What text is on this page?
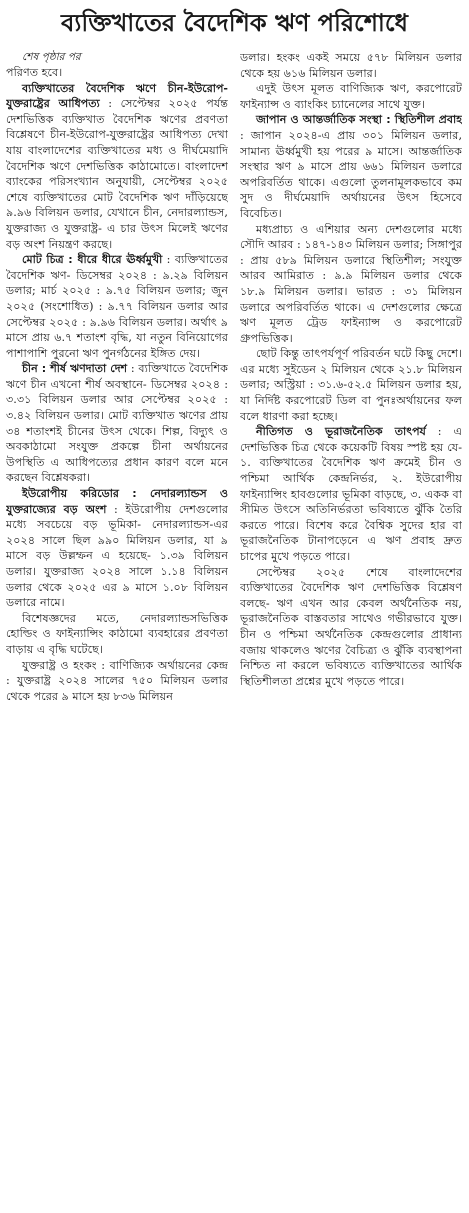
ব্যক্তিখাতের বৈদেশিক ঋণ পরিশোধে

শেষ পৃষ্ঠার পর

পরিণত হবে।

ব্যক্তিখাতের বৈদেশিক ঋণে চীন-ইউরোপ-যুক্তরাষ্ট্রের আধিপত্য : সেপ্টেম্বর ২০২৫ পর্যন্ত দেশভিত্তিক ব্যক্তিখাত বৈদেশিক ঋণের প্রবণতা বিশ্লেষণে চীন-ইউরোপ-যুক্তরাষ্ট্রের আধিপত্য দেখা যায় বাংলাদেশের ব্যক্তিখাতের মধ্য ও দীর্ঘমেয়াদি বৈদেশিক ঋণে দেশভিত্তিক কাঠামোতে। বাংলাদেশ ব্যাংকের পরিসংখ্যান অনুযায়ী, সেপ্টেম্বর ২০২৫ শেষে ব্যক্তিখাতের মোট বৈদেশিক ঋণ দাঁড়িয়েছে ৯.৯৬ বিলিয়ন ডলার, যেখানে চীন, নেদারল্যান্ডস, যুক্তরাজ্য ও যুক্তরাষ্ট্র- এ চার উৎস মিলেই ঋণের বড় অংশ নিয়ন্ত্রণ করছে।

মোট চিত্র : ধীরে ধীরে ঊর্ধ্বমুখী : ব্যক্তিখাতের বৈদেশিক ঋণ- ডিসেম্বর ২০২৪ : ৯.২৯ বিলিয়ন ডলার; মার্চ ২০২৫ : ৯.৭৫ বিলিয়ন ডলার; জুন ২০২৫ (সংশোধিত) : ৯.৭৭ বিলিয়ন ডলার আর সেপ্টেম্বর ২০২৫ : ৯.৯৬ বিলিয়ন ডলার। অর্থাৎ ৯ মাসে প্রায় ৬.৭ শতাংশ বৃদ্ধি, যা নতুন বিনিয়োগের পাশাপাশি পুরনো ঋণ পুনর্গঠনের ইঙ্গিত দেয়।

চীন : শীর্ষ ঋণদাতা দেশ : ব্যক্তিখাতে বৈদেশিক ঋণে চীন এখনো শীর্ষ অবস্থানে- ডিসেম্বর ২০২৪ : ৩.৩১ বিলিয়ন ডলার আর সেপ্টেম্বর ২০২৫ : ৩.৪২ বিলিয়ন ডলার। মোট ব্যক্তিখাত ঋণের প্রায় ৩৪ শতাংশই চীনের উৎস থেকে। শিল্প, বিদ্যুৎ ও অবকাঠামো সংযুক্ত প্রকল্পে চীনা অর্থায়নের উপস্থিতি এ আধিপত্যের প্রধান কারণ বলে মনে করছেন বিশ্লেষকরা।

ইউরোপীয় করিডোর : নেদারল্যান্ডস ও যুক্তরাজ্যের বড় অংশ : ইউরোপীয় দেশগুলোর মধ্যে সবচেয়ে বড় ভূমিকা- নেদারল্যান্ডস-এর ২০২৪ সালে ছিল ৯৯০ মিলিয়ন ডলার, যা ৯ মাসে বড় উল্লম্ফন এ হয়েছে- ১.৩৯ বিলিয়ন ডলার। যুক্তরাজ্য ২০২৪ সালে ১.১৪ বিলিয়ন ডলার থেকে ২০২৫ এর ৯ মাসে ১.০৮ বিলিয়ন ডলারে নামে।

বিশেষজ্ঞদের মতে, নেদারল্যান্ডসভিত্তিক হোল্ডিং ও ফাইন্যান্সিং কাঠামো ব্যবহারের প্রবণতা বাড়ায় এ বৃদ্ধি ঘটেছে।

যুক্তরাষ্ট্র ও হংকং : বাণিজ্যিক অর্থায়নের কেন্দ্র : যুক্তরাষ্ট্র ২০২৪ সালের ৭৫০ মিলিয়ন ডলার থেকে পরের ৯ মাসে হয় ৮৩৬ মিলিয়ন

ডলার। হংকং একই সময়ে ৫৭৮ মিলিয়ন ডলার থেকে হয় ৬১৬ মিলিয়ন ডলার।

এদুই উৎস মূলত বাণিজ্যিক ঋণ, করপোরেট ফাইন্যান্স ও ব্যাংকিং চ্যানেলের সাথে যুক্ত।

জাপান ও আন্তর্জাতিক সংস্থা : স্থিতিশীল প্রবাহ : জাপান ২০২৪-এ প্রায় ৩০১ মিলিয়ন ডলার, সামান্য ঊর্ধ্বমুখী হয় পরের ৯ মাসে। আন্তর্জাতিক সংস্থার ঋণ ৯ মাসে প্রায় ৬৬১ মিলিয়ন ডলারে অপরিবর্তিত থাকে। এগুলো তুলনামূলকভাবে কম সুদ ও দীর্ঘমেয়াদি অর্থায়নের উৎস হিসেবে বিবেচিত।

মধ্যপ্রাচ্য ও এশিয়ার অন্য দেশগুলোর মধ্যে সৌদি আরব : ১৪৭-১৪৩ মিলিয়ন ডলার; সিঙ্গাপুর : প্রায় ৫৮৯ মিলিয়ন ডলারে স্থিতিশীল; সংযুক্ত আরব আমিরাত : ৯.৯ মিলিয়ন ডলার থেকে ১৮.৯ মিলিয়ন ডলার। ভারত : ৩১ মিলিয়ন ডলারে অপরিবর্তিত থাকে। এ দেশগুলোর ক্ষেত্রে ঋণ মূলত ট্রেড ফাইন্যান্স ও করপোরেট গ্রুপভিত্তিক।

ছোট কিন্তু তাৎপর্যপূর্ণ পরিবর্তন ঘটে কিছু দেশে। এর মধ্যে সুইডেন ২ মিলিয়ন থেকে ২১.৮ মিলিয়ন ডলার; অস্ট্রিয়া : ৩১.৬-৫২.৫ মিলিয়ন ডলার হয়, যা নির্দিষ্ট করপোরেট ডিল বা পুনঃঅর্থায়নের ফল বলে ধারণা করা হচ্ছে।

নীতিগত ও ভূরাজনৈতিক তাৎপর্য : এ দেশভিত্তিক চিত্র থেকে কয়েকটি বিষয় স্পষ্ট হয় যে- ১. ব্যক্তিখাতের বৈদেশিক ঋণ ক্রমেই চীন ও পশ্চিমা আর্থিক কেন্দ্রনির্ভর, ২. ইউরোপীয় ফাইন্যান্সিং হাবগুলোর ভূমিকা বাড়ছে, ৩. একক বা সীমিত উৎসে অতিনির্ভরতা ভবিষ্যতে ঝুঁকি তৈরি করতে পারে। বিশেষ করে বৈশ্বিক সুদের হার বা ভূরাজনৈতিক টানাপড়েনে এ ঋণ প্রবাহ দ্রুত চাপের মুখে পড়তে পারে।

সেপ্টেম্বর ২০২৫ শেষে বাংলাদেশের ব্যক্তিখাতের বৈদেশিক ঋণ দেশভিত্তিক বিশ্লেষণ বলছে- ঋণ এখন আর কেবল অর্থনৈতিক নয়, ভূরাজনৈতিক বাস্তবতার সাথেও গভীরভাবে যুক্ত। চীন ও পশ্চিমা অর্থনৈতিক কেন্দ্রগুলোর প্রাধান্য বজায় থাকলেও ঋণের বৈচিত্র্য ও ঝুঁকি ব্যবস্থাপনা নিশ্চিত না করলে ভবিষ্যতে ব্যক্তিখাতের আর্থিক স্থিতিশীলতা প্রশ্নের মুখে পড়তে পারে।
